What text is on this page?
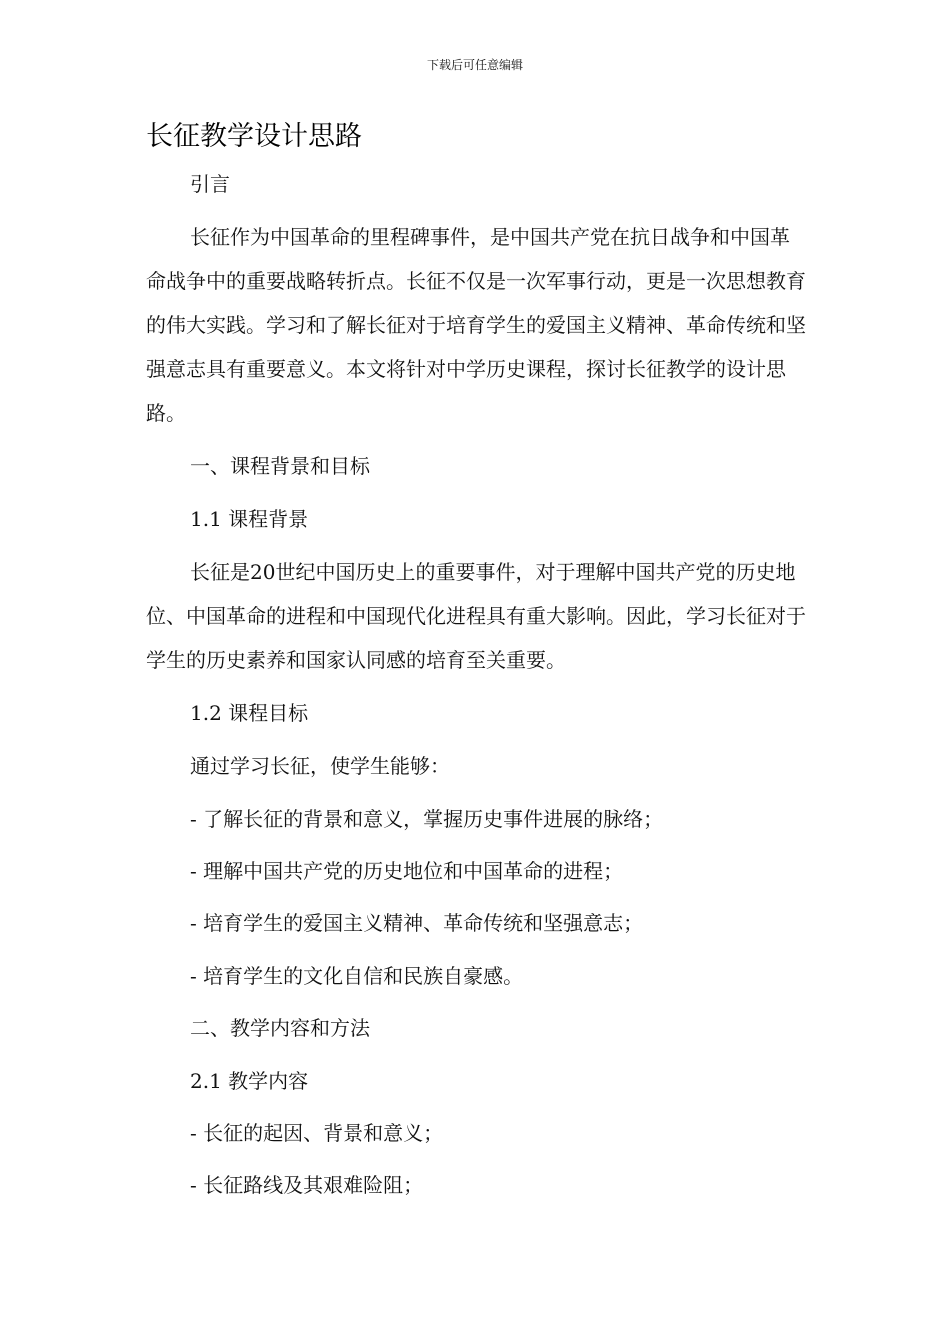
下载后可任意编辑
长征教学设计思路

引言

长征作为中国革命的里程碑事件，是中国共产党在抗日战争和中国革命战争中的重要战略转折点。长征不仅是一次军事行动，更是一次思想教育的伟大实践。学习和了解长征对于培育学生的爱国主义精神、革命传统和坚强意志具有重要意义。本文将针对中学历史课程，探讨长征教学的设计思路。

一、课程背景和目标

1.1 课程背景

长征是20世纪中国历史上的重要事件，对于理解中国共产党的历史地位、中国革命的进程和中国现代化进程具有重大影响。因此，学习长征对于学生的历史素养和国家认同感的培育至关重要。

1.2 课程目标

通过学习长征，使学生能够：

- 了解长征的背景和意义，掌握历史事件进展的脉络；

- 理解中国共产党的历史地位和中国革命的进程；

- 培育学生的爱国主义精神、革命传统和坚强意志；

- 培育学生的文化自信和民族自豪感。

二、教学内容和方法

2.1 教学内容

- 长征的起因、背景和意义；

- 长征路线及其艰难险阻；
